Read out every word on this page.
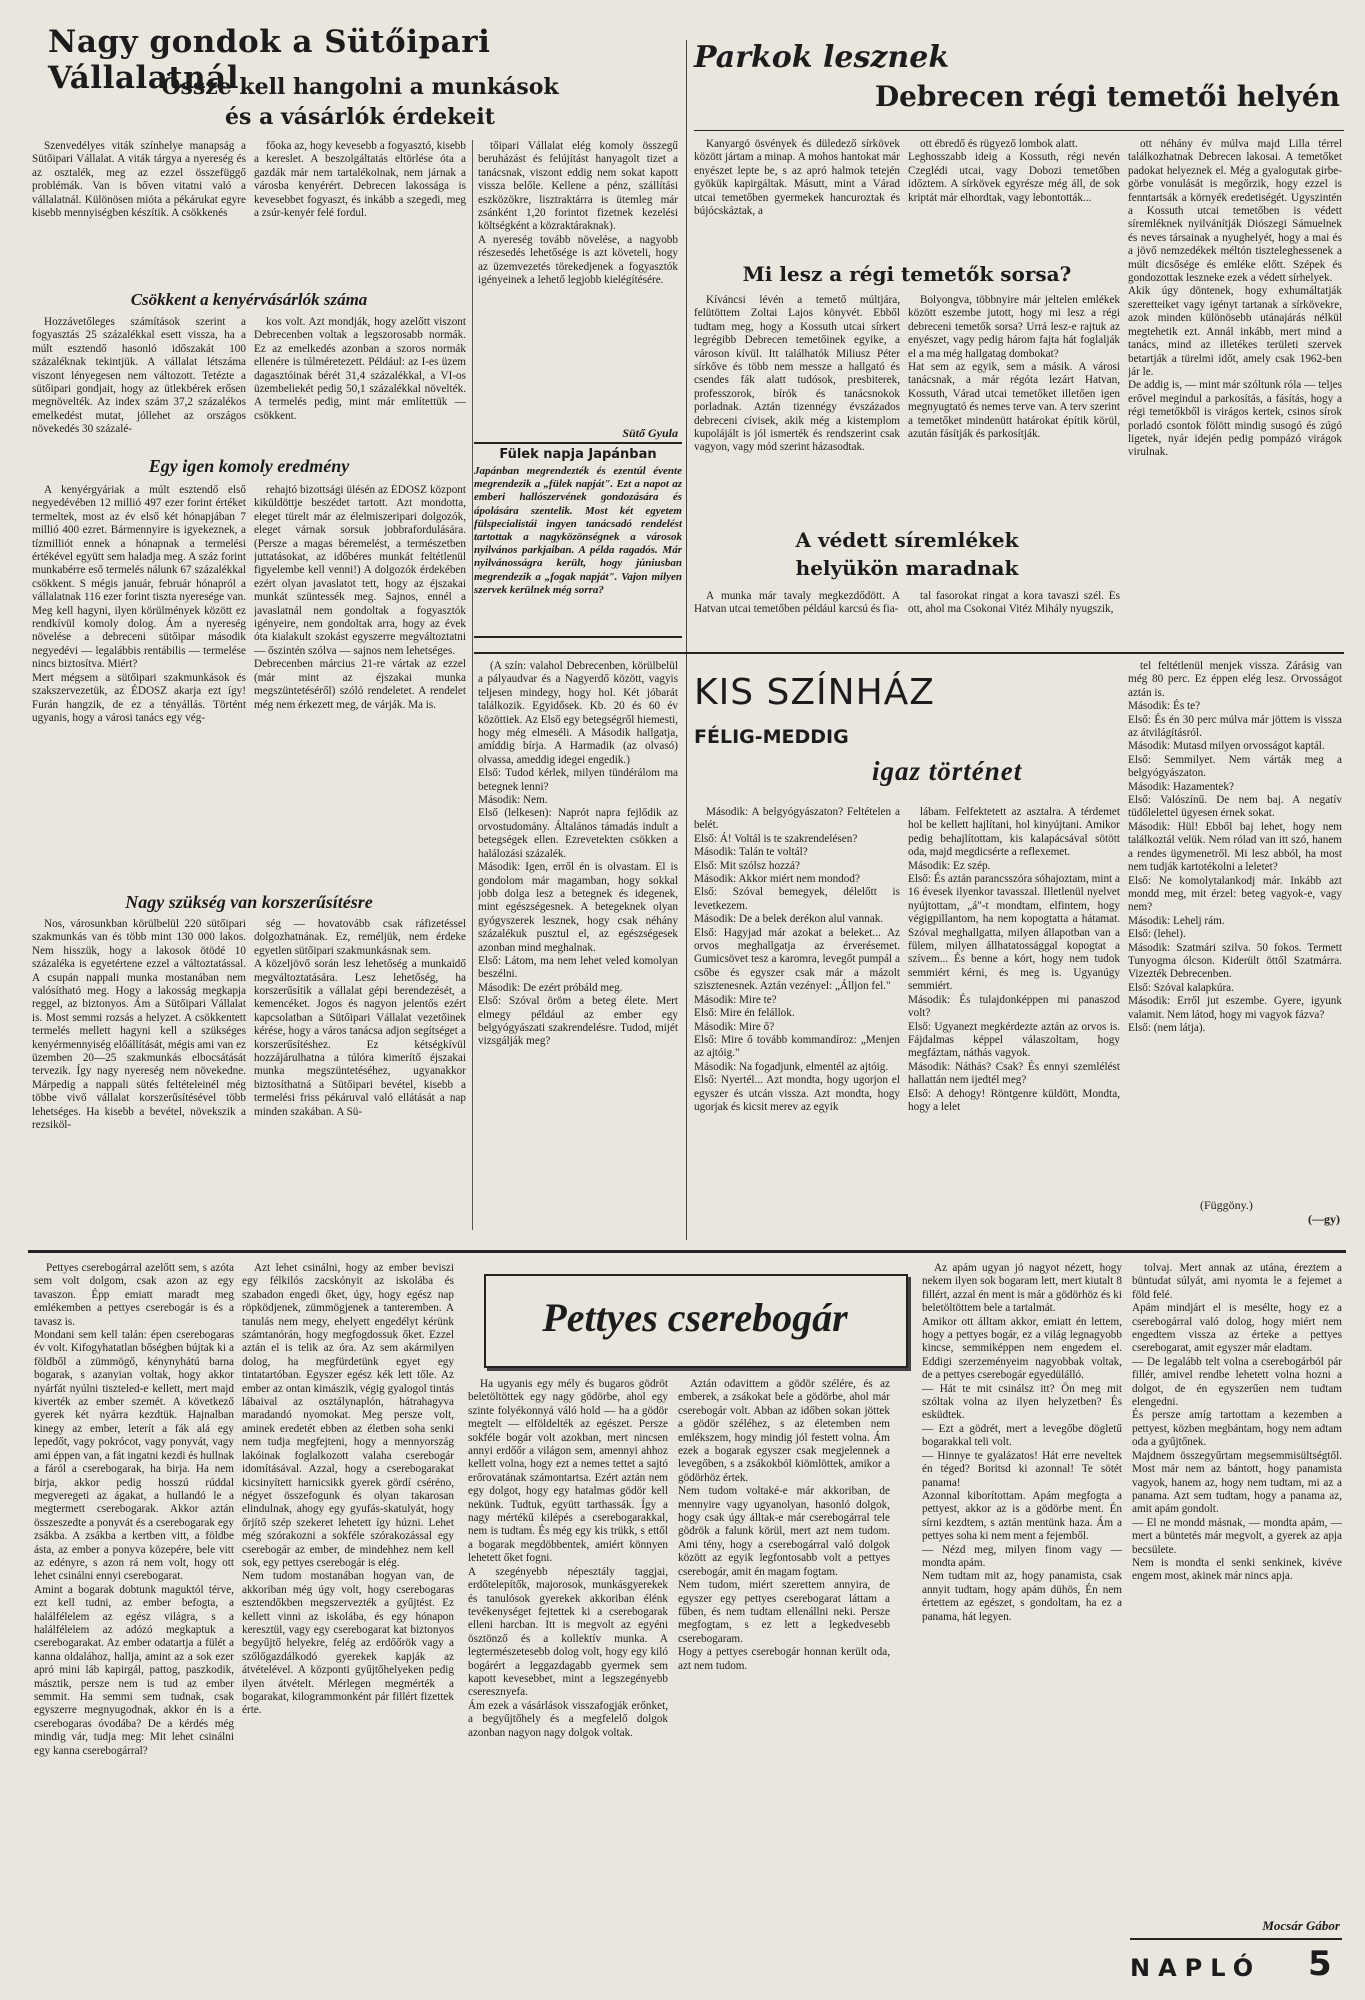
Nagy gondok a Sütőipari Vállalatnál
Össze kell hangolni a munkások
és a vásárlók érdekeit

Szenvedélyes viták színhelye manapság a Sütőipari Vállalat. A viták tárgya a nyereség és az osztalék, meg az ezzel összefüggő problémák. Van is bőven vitatni való a vállalatnál. Különösen mióta a pékárukat egyre kisebb mennyiségben készítik. A csökkenés

főoka az, hogy kevesebb a fogyasztó, kisebb a kereslet. A beszolgáltatás eltörlése óta a gazdák már nem tartalékolnak, nem járnak a városba kenyérért. Debrecen lakossága is kevesebbet fogyaszt, és inkább a szegedi, meg a zsúr-kenyér felé fordul.

Csökkent a kenyérvásárlók száma

Hozzávetőleges számítások szerint a fogyasztás 25 százalékkal esett vissza, ha a múlt esztendő hasonló időszakát 100 százaléknak tekintjük. A vállalat létszáma viszont lényegesen nem változott. Tetézte a sütőipari gondjait, hogy az ütlekbérek erősen megnövelték. Az index szám 37,2 százalékos emelkedést mutat, jóllehet az országos növekedés 30 százalé-

kos volt. Azt mondják, hogy azelőtt viszont Debrecenben voltak a legszorosabb normák. Ez az emelkedés azonban a szoros normák ellenére is túlméretezett. Például: az I-es üzem dagasztóinak bérét 31,4 százalékkal, a VI-os üzembeliekét pedig 50,1 százalékkal növelték. A termelés pedig, mint már említettük — csökkent.

Egy igen komoly eredmény

A kenyérgyáriak a múlt esztendő első negyedévében 12 millió 497 ezer forint értéket termeltek, most az év első két hónapjában 7 millió 400 ezret. Bármennyire is igyekeznek, a tízmilliót ennek a hónapnak a termelési értékével együtt sem haladja meg. A száz forint munkabérre eső termelés nálunk 67 százalékkal csökkent. S mégis január, február hónapról a vállalatnak 116 ezer forint tiszta nyeresége van. Meg kell hagyni, ilyen körülmények között ez rendkívül komoly dolog. Ám a nyereség növelése a debreceni sütőipar második negyedévi — legalábbis rentábilis — termelése nincs biztosítva. Miért?
Mert mégsem a sütőipari szakmunkások és szakszervezetük, az ÉDOSZ akarja ezt így! Furán hangzik, de ez a tényállás. Történt ugyanis, hogy a városi tanács egy vég-

rehajtó bizottsági ülésén az ÉDOSZ központ kiküldöttje beszédet tartott. Azt mondotta, eleget türelt már az élelmiszeripari dolgozók, eleget várnak sorsuk jobbrafordulására. (Persze a magas béremelést, a természetben juttatásokat, az időbéres munkát feltétlenül figyelembe kell venni!) A dolgozók érdekében ezért olyan javaslatot tett, hogy az éjszakai munkát szüntessék meg. Sajnos, ennél a javaslatnál nem gondoltak a fogyasztók igényeire, nem gondoltak arra, hogy az évek óta kialakult szokást egyszerre megváltoztatni — őszintén szólva — sajnos nem lehetséges.
Debrecenben március 21-re vártak az ezzel (már mint az éjszakai munka megszüntetéséről) szóló rendeletet. A rendelet még nem érkezett meg, de várják. Ma is.

Nagy szükség van korszerűsítésre

Nos, városunkban körülbelül 220 sütőipari szakmunkás van és több mint 130 000 lakos. Nem hisszük, hogy a lakosok ötödé 10 százaléka is egyetértene ezzel a változtatással. A csupán nappali munka mostanában nem valósítható meg. Hogy a lakosság megkapja reggel, az biztonyos. Ám a Sütőipari Vállalat is. Most semmi rozsás a helyzet. A csökkentett termelés mellett hagyni kell a szükséges kenyérmennyiség előállítását, mégis ami van ez üzemben 20—25 szakmunkás elbocsátását tervezik. Így nagy nyereség nem növekedne. Márpedig a nappali sütés feltételeinél még többe vivő vállalat korszerűsítésével több lehetséges. Ha kisebb a bevétel, növekszik a rezsiköl-

ség — hovatovább csak ráfizetéssel dolgozhatnának. Ez, reméljük, nem érdeke egyetlen sütőipari szakmunkásnak sem.
A közeljövő során lesz lehetőség a munkaidő megváltoztatására. Lesz lehetőség, ha korszerűsítik a vállalat gépi berendezését, a kemencéket. Jogos és nagyon jelentős ezért kapcsolatban a Sütőipari Vállalat vezetőinek kérése, hogy a város tanácsa adjon segítséget a korszerűsítéshez. Ez kétségkívül hozzájárulhatna a túlóra kimerítő éjszakai munka megszüntetéséhez, ugyanakkor biztosíthatná a Sütőipari bevétel, kisebb a termelési friss pékáruval való ellátását a nap minden szakában. A Sü-

tőipari Vállalat elég komoly összegű beruházást és felújítást hanyagolt tizet a tanácsnak, viszont eddig nem sokat kapott vissza belőle. Kellene a pénz, szállítási eszközökre, lisztraktárra is ütemleg már zsánként 1,20 forintot fizetnek kezelési költségként a közraktáraknak).
A nyereség tovább növelése, a nagyobb részesedés lehetősége is azt követeli, hogy az üzemvezetés törekedjenek a fogyasztók igényeinek a lehető legjobb kielégítésére.

Sütő Gyula
Fülek napja Japánban
Japánban megrendezték és ezentúl évente megrendezik a „fülek napját". Ezt a napot az emberi hallószervének gondozására és ápolására szentelik. Most két egyetem fülspecialistái ingyen tanácsadó rendelést tartottak a nagyközönségnek a városok nyilvános parkjaiban. A példa ragadós. Már nyilvánosságra került, hogy júniusban megrendezik a „fogak napját". Vajon milyen szervek kerülnek még sorra?
Parkok lesznek
Debrecen régi temetői helyén

Kanyargó ösvények és düledező sírkövek között jártam a minap. A mohos hantokat már enyészet lepte be, s az apró halmok tetején gyökük kapirgáltak. Másutt, mint a Várad utcai temetőben gyermekek hancuroztak és bújócskáztak, a

ott ébredő és rügyező lombok alatt.
Leghosszabb ideig a Kossuth, régi nevén Czeglédi utcai, vagy Dobozi temetőben időztem. A sírkövek egyrésze még áll, de sok kriptát már elhordtak, vagy lebontották...

Mi lesz a régi temetők sorsa?

Kíváncsi lévén a temető múltjára, felütöttem Zoltai Lajos könyvét. Ebből tudtam meg, hogy a Kossuth utcai sírkert legrégibb Debrecen temetőinek egyike, a városon kívül. Itt találhatók Miliusz Péter sírkőve és több nem messze a hallgató és csendes fák alatt tudósok, presbiterek, professzorok, bírók és tanácsnokok porladnak. Aztán tizennégy évszázados debreceni cívisek, akik még a kistemplom kupolájált is jól ismerték és rendszerint csak vagyon, vagy mód szerint házasodtak.

Bolyongva, többnyire már jeltelen emlékek között eszembe jutott, hogy mi lesz a régi debreceni temetők sorsa? Urrá lesz-e rajtuk az enyészet, vagy pedig három fajta hát foglalják el a ma még hallgatag dombokat?
Hat sem az egyik, sem a másik. A városi tanácsnak, a már régóta lezárt Hatvan, Kossuth, Várad utcai temetőket illetően igen megnyugtató és nemes terve van. A terv szerint a temetőket mindenütt határokat építik körül, azután fásítják és parkosítják.

A védett síremlékek
helyükön maradnak

A munka már tavaly megkezdődött. A Hatvan utcai temetőben például karcsú és fia-

tal fasorokat ringat a kora tavaszi szél. És ott, ahol ma Csokonai Vitéz Mihály nyugszik,

ott néhány év múlva majd Lilla térrel találkozhatnak Debrecen lakosai. A temetőket padokat helyeznek el. Még a gyalogutak girbe-görbe vonulását is megőrzik, hogy ezzel is fenntartsák a környék eredetiségét. Ugyszintén a Kossuth utcai temetőben is védett síremléknek nyilvánítják Diószegi Sámuelnek és neves társainak a nyughelyét, hogy a mai és a jövő nemzedékek méltón tiszteleghessenek a múlt dicsősége és emléke előtt. Szépek és gondozottak leszneke ezek a védett sírhelyek.
Akik úgy döntenek, hogy exhumáltatják szeretteiket vagy igényt tartanak a sírkövekre, azok minden különösebb utánajárás nélkül megtehetik ezt. Annál inkább, mert mind a tanács, mind az illetékes területi szervek betartják a türelmi időt, amely csak 1962-ben jár le.
De addig is, — mint már szóltunk róla — teljes erővel megindul a parkosítás, a fásítás, hogy a régi temetőkből is virágos kertek, csinos sírok porladó csontok fölött mindig susogó és zúgó ligetek, nyár idején pedig pompázó virágok virulnak.

KIS SZÍNHÁZ
FÉLIG-MEDDIG
igaz történet

(A szín: valahol Debrecenben, körülbelül a pályaudvar és a Nagyerdő között, vagyis teljesen mindegy, hogy hol. Két jóbarát találkozik. Egyidősek. Kb. 20 és 60 év közöttiek. Az Első egy betegségről hiemesti, hogy még elmeséli. A Második hallgatja, amíddig bírja. A Harmadik (az olvasó) olvassa, ameddig idegei engedik.)
Első: Tudod kérlek, milyen tündérálom ma betegnek lenni?
Második: Nem.
Első (lelkesen): Naprót napra fejlődik az orvostudomány. Általános támadás indult a betegségek ellen. Ezrevetekten csökken a halálozási százalék.
Második: Igen, erről én is olvastam. El is gondolom már magamban, hogy sokkal jobb dolga lesz a betegnek és idegenek, mint egészségesnek. A betegeknek olyan gyógyszerek lesznek, hogy csak néhány százalékuk pusztul el, az egészségesek azonban mind meghalnak.
Első: Látom, ma nem lehet veled komolyan beszélni.
Második: De ezért próbáld meg.
Első: Szóval öröm a beteg élete. Mert elmegy például az ember egy belgyógyászati szakrendelésre. Tudod, mijét vizsgálják meg?

Második: A belgyógyászaton? Feltételen a belét.
Első: Á! Voltál is te szakrendelésen?
Második: Talán te voltál?
Első: Mit szólsz hozzá?
Második: Akkor miért nem mondod?
Első: Szóval bemegyek, délelőtt is levetkezem.
Második: De a belek derékon alul vannak.
Első: Hagyjad már azokat a beleket... Az orvos meghallgatja az érverésemet. Gumicsövet tesz a karomra, levegőt pumpál a csőbe és egyszer csak már a mázolt szisztenesnek. Aztán vezényel: „Álljon fel."
Második: Mire te?
Első: Mire én felállok.
Második: Mire ő?
Első: Mire ő tovább kommandíroz: „Menjen az ajtóig."
Második: Na fogadjunk, elmentél az ajtóig.
Első: Nyertél... Azt mondta, hogy ugorjon el egyszer és utcán vissza. Azt mondta, hogy ugorjak és kicsit merev az egyik

lábam. Felfektetett az asztalra. A térdemet hol be kellett hajlítani, hol kinyújtani. Amikor pedig behajlítottam, kis kalapácsával sötött oda, majd megdicsérte a reflexemet.
Második: Ez szép.
Első: És aztán parancsszóra sóhajoztam, mint a 16 évesek ilyenkor tavasszal. Illetlenül nyelvet nyújtottam, „á"-t mondtam, elfintem, hogy végigpillantom, ha nem kopogtatta a hátamat. Szóval meghallgatta, milyen állapotban van a fülem, milyen állhatatossággal kopogtat a szívem... És benne a kórt, hogy nem tudok semmiért kérni, és meg is. Ugyanúgy semmiért.
Második: És tulajdonképpen mi panaszod volt?
Első: Ugyanezt megkérdezte aztán az orvos is. Fájdalmas képpel válaszoltam, hogy megfáztam, náthás vagyok.
Második: Náthás? Csak? És ennyi szemlélést hallattán nem ijedtél meg?
Első: A dehogy! Röntgenre küldött, Mondta, hogy a lelet

tel feltétlenül menjek vissza. Zárásig van még 80 perc. Ez éppen elég lesz. Orvosságot aztán is.
Második: És te?
Első: És én 30 perc múlva már jöttem is vissza az átvilágításról.
Második: Mutasd milyen orvosságot kaptál.
Első: Semmilyet. Nem várták meg a belgyógyászaton.
Második: Hazamentek?
Első: Valószínű. De nem baj. A negatív tüdőlelettel ügyesen érnek sokat.
Második: Hül! Ebből baj lehet, hogy nem találkoztál velük. Nem rólad van itt szó, hanem a rendes ügymenetről. Mi lesz abból, ha most nem tudják kartotékolni a leletet?
Első: Ne komolytalankodj már. Inkább azt mondd meg, mit érzel: beteg vagyok-e, vagy nem?
Második: Lehelj rám.
Első: (lehel).
Második: Szatmári szilva. 50 fokos. Termett Tunyogma ólcson. Kiderült öttől Szatmárra. Vizezték Debrecenben.
Első: Szóval kalapkúra.
Második: Erről jut eszembe. Gyere, igyunk valamit. Nem látod, hogy mi vagyok fázva?
Első: (nem látja).

(Függöny.)
(—gy)
Pettyes cserebogár

Pettyes cserebogárral azelőtt sem, s azóta sem volt dolgom, csak azon az egy tavaszon. Épp emiatt maradt meg emlékemben a pettyes cserebogár is és a tavasz is.
Mondani sem kell talán: épen cserebogaras év volt. Kifogyhatatlan bőségben bújtak ki a földből a zümmögő, kénynyhátú barna bogarak, s azanyian voltak, hogy akkor nyárfát nyúlni tiszteled-e kellett, mert majd kiverték az ember szemét. A következő gyerek két nyárra kezdtük. Hajnalban kinegy az ember, leterít a fák alá egy lepedőt, vagy pokrócot, vagy ponyvát, vagy ami éppen van, a fát ingatni kezdi és hullnak a fáról a cserebogarak, ha birja. Ha nem birja, akkor pedig hosszú rúddal megveregeti az ágakat, a hullandó le a megtermett cserebogarak. Akkor aztán összeszedte a ponyvát és a cserebogarak egy zsákba. A zsákba a kertben vitt, a földbe ásta, az ember a ponyva közepére, bele vitt az edényre, s azon rá nem volt, hogy ott lehet csinálni ennyi cserebogarat.
Amint a bogarak dobtunk maguktól térve, ezt kell tudni, az ember befogta, a halálfélelem az egész világra, s a halálfélelem az adózó megkaptuk a cserebogarakat. Az ember odatartja a fülét a kanna oldalához, hallja, amint az a sok ezer apró mini láb kapirgál, pattog, paszkodik, másztik, persze nem is tud az ember semmit. Ha semmi sem tudnak, csak egyszerre megnyugodnak, akkor én is a cserebogaras óvodába? De a kérdés még mindig vár, tudja meg: Mit lehet csinálni egy kanna cserebogárral?

Azt lehet csinálni, hogy az ember beviszi egy félkilós zacskónyit az iskolába és szabadon engedi őket, úgy, hogy egész nap röpködjenek, zümmögjenek a tanteremben. A tanulás nem megy, ehelyett engedélyt kérünk számtanórán, hogy megfogdossuk őket. Ezzel aztán el is telik az óra. Az sem akármilyen dolog, ha megfürdetünk egyet egy tintatartóban. Egyszer egész kék lett tőle. Az ember az ontan kimászik, végig gyalogol tintás lábaival az osztálynaplón, hátrahagyva maradandó nyomokat. Meg persze volt, aminek eredetét ebben az életben soha senki nem tudja megfejteni, hogy a mennyország lakóinak foglalkozott valaha cserebogár idomításával. Azzal, hogy a cserebogarakat kicsinyített harnicsikk gyerek gördí cséréno, négyet összefogunk és olyan takarosan elindulnak, ahogy egy gyufás-skatulyát, hogy őrjítő szép szekeret lehetett így húzni. Lehet még szórakozni a sokféle szórakozással egy cserebogár az ember, de mindehhez nem kell sok, egy pettyes cserebogár is elég.
Nem tudom mostanában hogyan van, de akkoriban még úgy volt, hogy cserebogaras esztendőkben megszervezték a gyűjtést. Ez kellett vinni az iskolába, és egy hónapon keresztül, vagy egy cserebogarat kat biztonyos begyűjtő helyekre, felég az erdőőrök vagy a szőlőgazdálkodó gyerekek kapják az átvételével. A központi gyűjtőhelyeken pedig ilyen átvételt. Mérlegen megmérték a bogarakat, kilogrammonként pár fillért fizettek érte.

Ha ugyanis egy mély és bugaros gödröt beletöltöttek egy nagy gödörbe, ahol egy szinte folyékonnyá váló hold — ha a gödör megtelt — elföldelték az egészet. Persze sokféle bogár volt azokban, mert nincsen annyi erdőőr a világon sem, amennyi ahhoz kellett volna, hogy ezt a nemes tettet a sajtó erőrovatának számontartsa. Ezért aztán nem egy dolgot, hogy egy hatalmas gödör kell nekünk. Tudtuk, együtt tarthassák. Így a nagy mértékű kilépés a cserebogarakkal, nem is tudtam. És még egy kis trükk, s ettől a bogarak megdöbbentek, amiért könnyen lehetett őket fogni.
A szegényebb népesztály taggjai, erdőtelepítők, majorosok, munkásgyerekek és tanulósok gyerekek akkoriban élénk tevékenységet fejtettek ki a cserebogarak elleni harcban. Itt is megvolt az egyéni ösztönző és a kollektív munka. A legtermészetesebb dolog volt, hogy egy kiló bogárért a leggazdagabb gyermek sem kapott kevesebbet, mint a legszegényebb cseresznyefa.
Ám ezek a vásárlások visszafogják erőnket, a begyűjtőhely és a megfelelő dolgok azonban nagyon nagy dolgok voltak.

Aztán odavittem a gödör szélére, és az emberek, a zsákokat bele a gödörbe, ahol már cserebogár volt. Abban az időben sokan jöttek a gödör széléhez, s az életemben nem emlékszem, hogy mindig jól festett volna. Ám ezek a bogarak egyszer csak megjelennek a levegőben, s a zsákokból kiömlöttek, amikor a gödörhöz értek.
Nem tudom voltaké-e már akkoriban, de mennyire vagy ugyanolyan, hasonló dolgok, hogy csak úgy álltak-e már cserebogárral tele gödrök a falunk körül, mert azt nem tudom. Ami tény, hogy a cserebogárral való dolgok között az egyik legfontosabb volt a pettyes cserebogár, amit én magam fogtam.
Nem tudom, miért szerettem annyira, de egyszer egy pettyes cserebogarat láttam a fűben, és nem tudtam ellenállni neki. Persze megfogtam, s ez lett a legkedvesebb cserebogaram.
Hogy a pettyes cserebogár honnan került oda, azt nem tudom.

Az apám ugyan jó nagyot nézett, hogy nekem ilyen sok bogaram lett, mert kiutalt 8 fillért, azzal én ment is már a gödörhöz és ki beletöltöttem bele a tartalmát.
Amikor ott álltam akkor, emiatt én lettem, hogy a pettyes bogár, ez a világ legnagyobb kincse, semmiképpen nem engedem el. Eddigi szerzeményeim nagyobbak voltak, de a pettyes cserebogár egyedülálló.
— Hát te mit csinálsz itt? Ön meg mit szóltak volna az ilyen helyzetben? És esküdtek.
— Ezt a gödrét, mert a levegőbe dögletű bogarakkal teli volt.
— Hinnye te gyalázatos! Hát erre neveltek én téged? Boritsd ki azonnal! Te sötét panama!
Azonnal kiborítottam. Apám megfogta a pettyest, akkor az is a gödörbe ment. Én sírni kezdtem, s aztán mentünk haza. Ám a pettyes soha ki nem ment a fejemből.
— Nézd meg, milyen finom vagy — mondta apám.
Nem tudtam mit az, hogy panamista, csak annyit tudtam, hogy apám dühös, Én nem értettem az egészet, s gondoltam, ha ez a panama, hát legyen.

tolvaj. Mert annak az utána, éreztem a büntudat súlyát, ami nyomta le a fejemet a föld felé.
Apám mindjárt el is mesélte, hogy ez a cserebogárral való dolog, hogy miért nem engedtem vissza az érteke a pettyes cserebogarat, amit egyszer már eladtam.
— De legalább telt volna a cserebogárból pár fillér, amivel rendbe lehetett volna hozni a dolgot, de én egyszerűen nem tudtam elengedni.
És persze amíg tartottam a kezemben a pettyest, közben megbántam, hogy nem adtam oda a gyűjtőnek.
Majdnem összegyűrtam megsemmisültségtől. Most már nem az bántott, hogy panamista vagyok, hanem az, hogy nem tudtam, mi az a panama. Azt sem tudtam, hogy a panama az, amit apám gondolt.
— El ne mondd másnak, — mondta apám, — mert a büntetés már megvolt, a gyerek az apja becsülete.
Nem is mondta el senki senkinek, kivéve engem most, akinek már nincs apja.

Mocsár Gábor
NAPLÓ 5
